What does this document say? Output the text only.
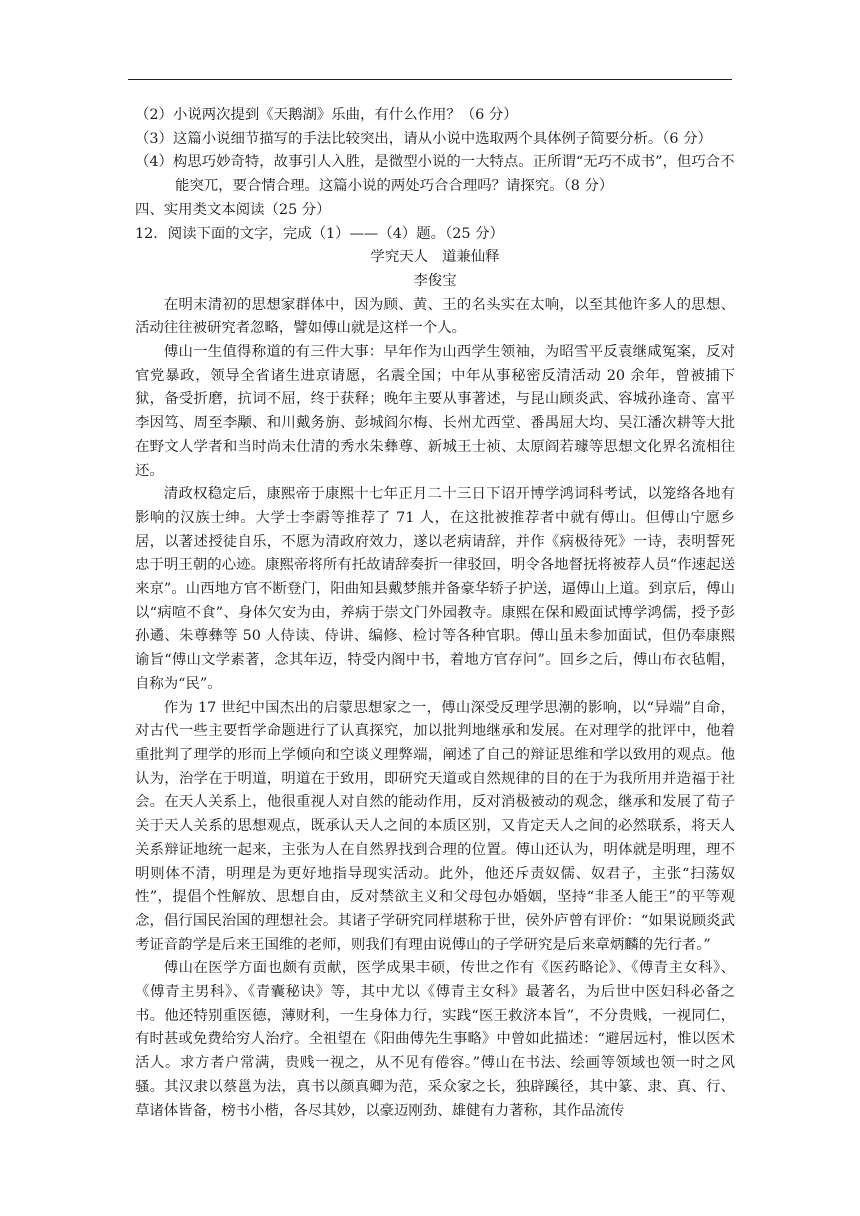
（2）小说两次提到《天鹅湖》乐曲，有什么作用？（6 分）

（3）这篇小说细节描写的手法比较突出，请从小说中选取两个具体例子简要分析。（6 分）

（4）构思巧妙奇特，故事引人入胜，是微型小说的一大特点。正所谓“无巧不成书”，但巧合不能突兀，要合情合理。这篇小说的两处巧合合理吗？请探究。（8 分）

四、实用类文本阅读（25 分）

12．阅读下面的文字，完成（1）——（4）题。（25 分）

学究天人 道兼仙释

李俊宝

在明末清初的思想家群体中，因为顾、黄、王的名头实在太响，以至其他许多人的思想、活动往往被研究者忽略，譬如傅山就是这样一个人。

傅山一生值得称道的有三件大事：早年作为山西学生领袖，为昭雪平反袁继咸冤案，反对官党暴政，领导全省诸生进京请愿，名震全国；中年从事秘密反清活动 20 余年，曾被捕下狱，备受折磨，抗词不屈，终于获释；晚年主要从事著述，与昆山顾炎武、容城孙逢奇、富平李因笃、周至李颙、和川戴务旃、彭城阎尔梅、长州尤西堂、番禺屈大均、吴江潘次耕等大批在野文人学者和当时尚未仕清的秀水朱彝尊、新城王士祯、太原阎若璩等思想文化界名流相往还。

清政权稳定后，康熙帝于康熙十七年正月二十三日下诏开博学鸿词科考试，以笼络各地有影响的汉族士绅。大学士李霨等推荐了 71 人，在这批被推荐者中就有傅山。但傅山宁愿乡居，以著述授徒自乐，不愿为清政府效力，遂以老病请辞，并作《病极待死》一诗，表明誓死忠于明王朝的心迹。康熙帝将所有托故请辞奏折一律驳回，明令各地督抚将被荐人员“作速起送来京”。山西地方官不断登门，阳曲知县戴梦熊并备豪华轿子护送，逼傅山上道。到京后，傅山以“病喧不食”、身体欠安为由，养病于崇文门外园教寺。康熙在保和殿面试博学鸿儒，授予彭孙遹、朱尊彝等 50 人侍读、侍讲、编修、检讨等各种官职。傅山虽未参加面试，但仍奉康熙谕旨“傅山文学素著，念其年迈，特受内阁中书，着地方官存问”。回乡之后，傅山布衣毡帽，自称为“民”。

作为 17 世纪中国杰出的启蒙思想家之一，傅山深受反理学思潮的影响，以“异端”自命，对古代一些主要哲学命题进行了认真探究，加以批判地继承和发展。在对理学的批评中，他着重批判了理学的形而上学倾向和空谈义理弊端，阐述了自己的辩证思维和学以致用的观点。他认为，治学在于明道，明道在于致用，即研究天道或自然规律的目的在于为我所用并造福于社会。在天人关系上，他很重视人对自然的能动作用，反对消极被动的观念，继承和发展了荀子关于天人关系的思想观点，既承认天人之间的本质区别，又肯定天人之间的必然联系，将天人关系辩证地统一起来，主张为人在自然界找到合理的位置。傅山还认为，明体就是明理，理不明则体不清，明理是为更好地指导现实活动。此外，他还斥责奴儒、奴君子，主张“扫荡奴性”，提倡个性解放、思想自由，反对禁欲主义和父母包办婚姻，坚持“非圣人能王”的平等观念，倡行国民治国的理想社会。其诸子学研究同样堪称于世，侯外庐曾有评价：“如果说顾炎武考证音韵学是后来王国维的老师，则我们有理由说傅山的子学研究是后来章炳麟的先行者。”

傅山在医学方面也颇有贡献，医学成果丰硕，传世之作有《医药略论》、《傅青主女科》、《傅青主男科》、《青囊秘诀》等，其中尤以《傅青主女科》最著名，为后世中医妇科必备之书。他还特别重医德，薄财利，一生身体力行，实践“医王救济本旨”，不分贵贱，一视同仁，有时甚或免费给穷人治疗。全祖望在《阳曲傅先生事略》中曾如此描述：“避居远村，惟以医术活人。求方者户常满，贵贱一视之，从不见有倦容。”傅山在书法、绘画等领域也领一时之风骚。其汉隶以蔡邕为法，真书以颜真卿为范，采众家之长，独辟蹊径，其中篆、隶、真、行、草诸体皆备，榜书小楷，各尽其妙，以豪迈刚劲、雄健有力著称，其作品流传
